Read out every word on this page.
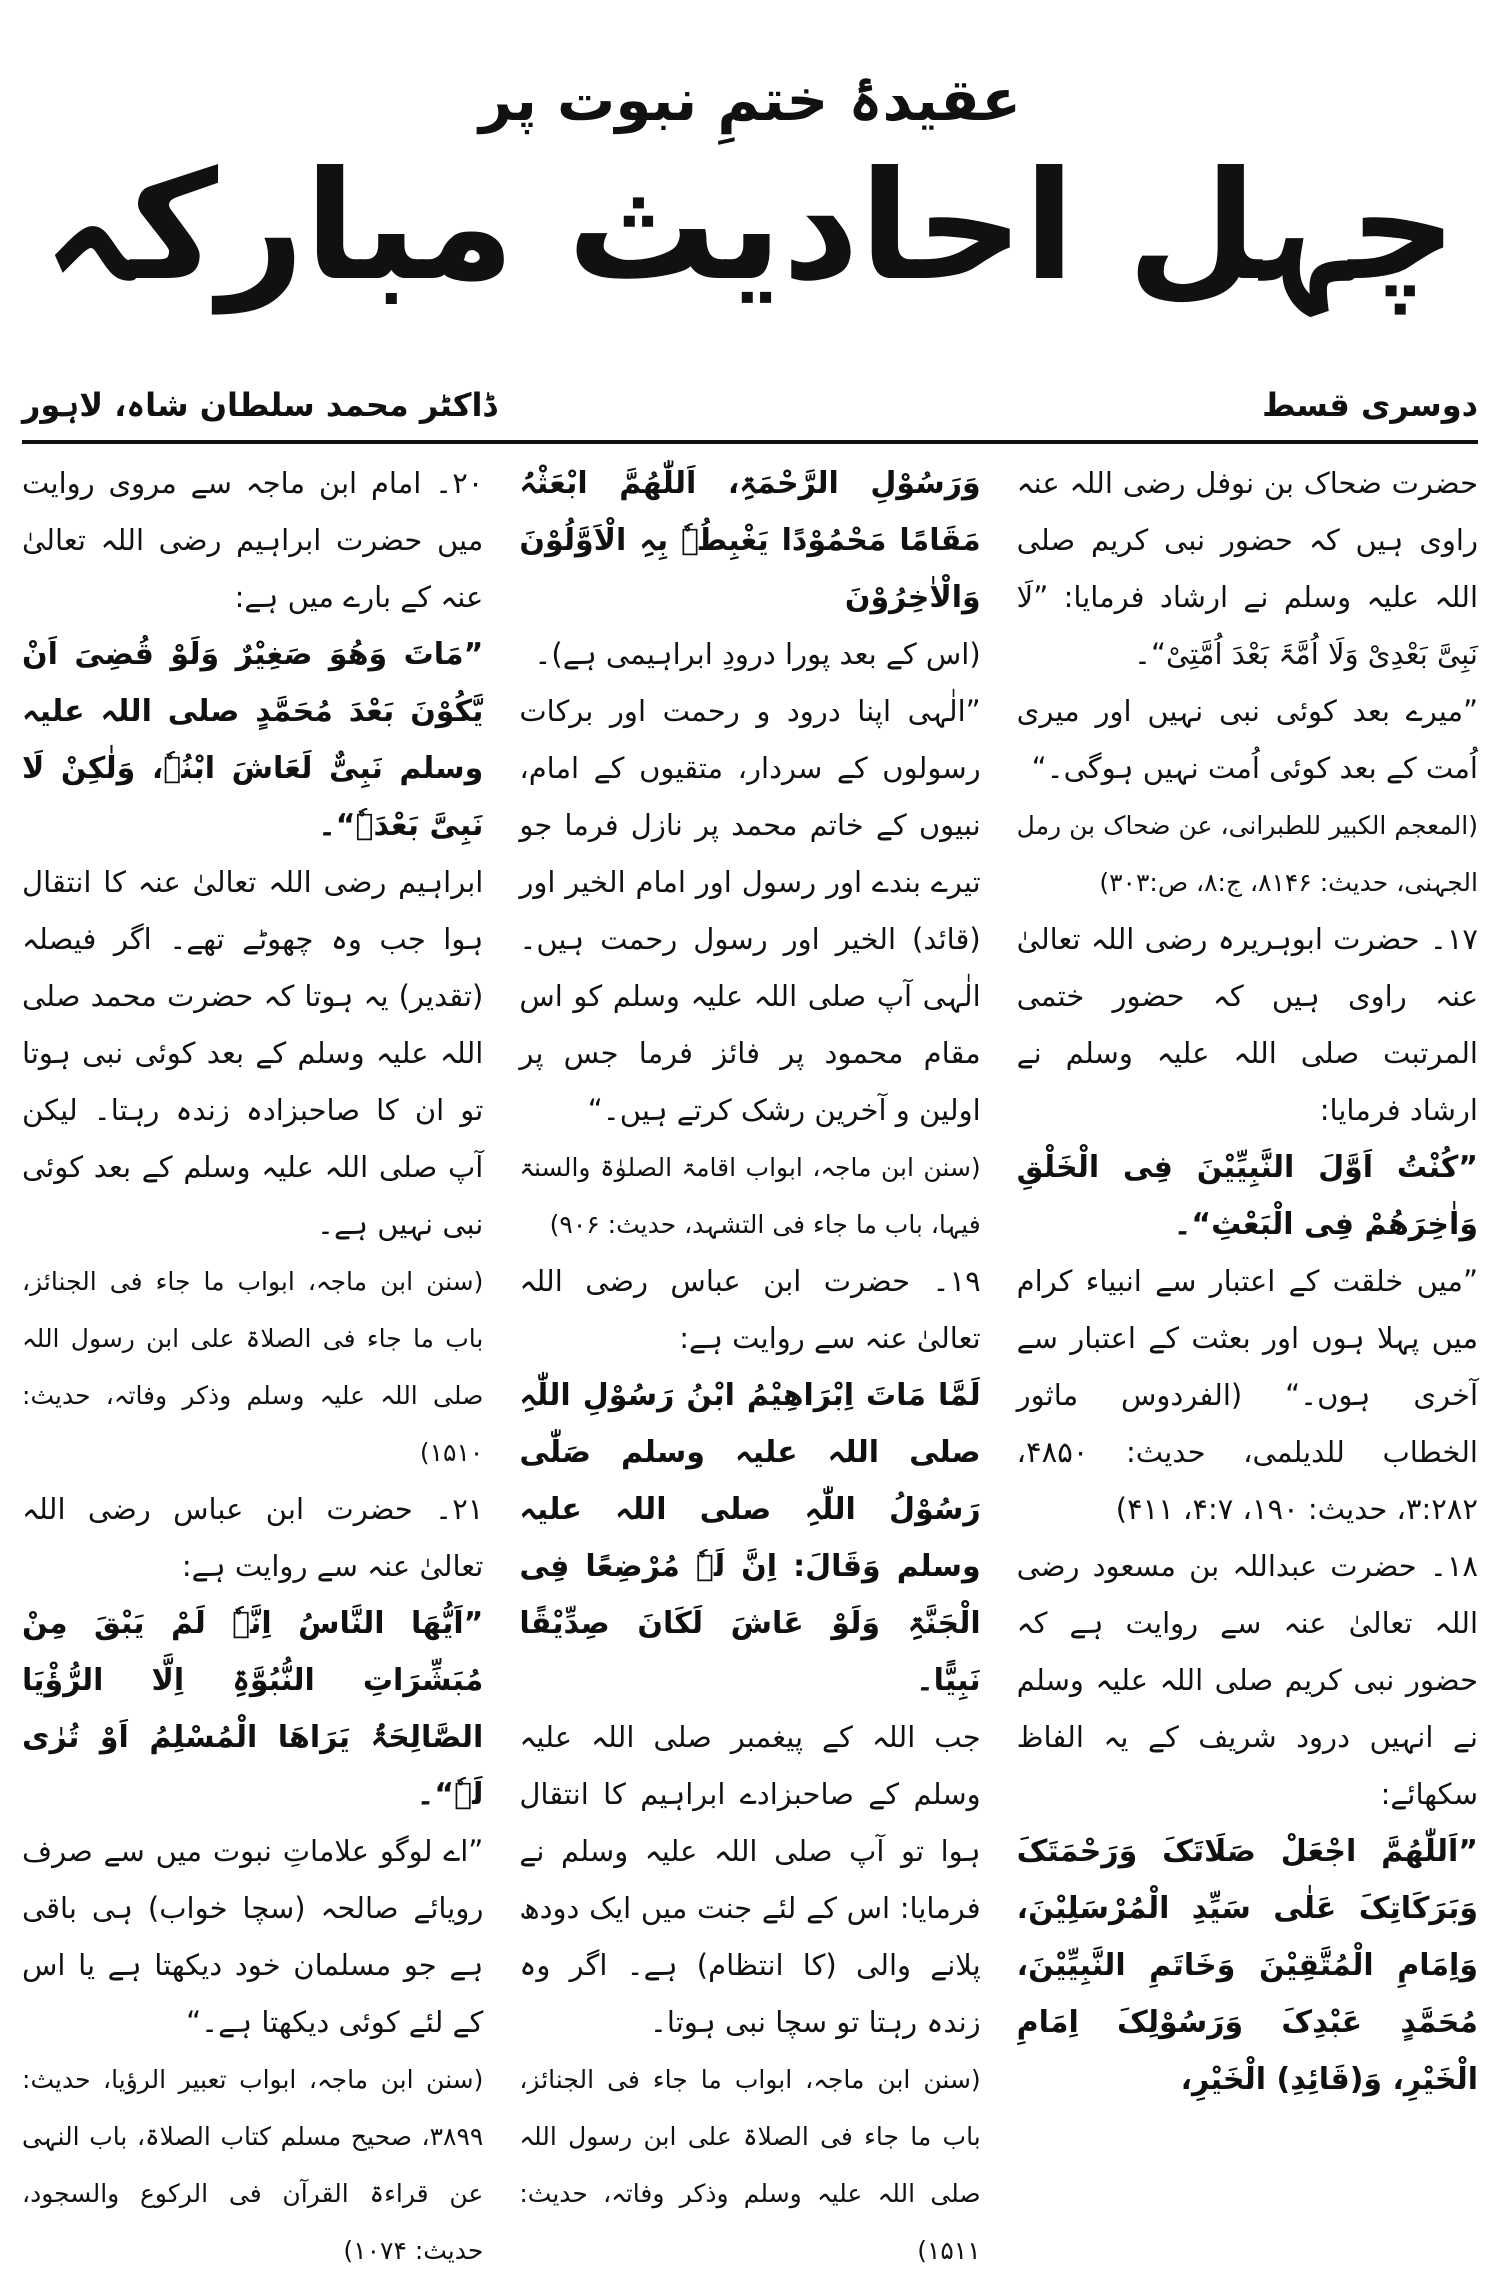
عقیدۂ ختمِ نبوت پر
چہل احادیث مبارکہ
دوسری قسط
ڈاکٹر محمد سلطان شاہ، لاہور

حضرت ضحاک بن نوفل رضی اللہ عنہ راوی ہیں کہ حضور نبی کریم صلی اللہ علیہ وسلم نے ارشاد فرمایا: ”لَا نَبِیَّ بَعْدِیْ وَلَا اُمَّۃَ بَعْدَ اُمَّتِیْ“۔

”میرے بعد کوئی نبی نہیں اور میری اُمت کے بعد کوئی اُمت نہیں ہوگی۔“

(المعجم الکبیر للطبرانی، عن ضحاک بن رمل الجہنی، حدیث: ۸۱۴۶، ج:۸، ص:۳۰۳)

۱۷۔ حضرت ابوہریرہ رضی اللہ تعالیٰ عنہ راوی ہیں کہ حضور ختمی المرتبت صلی اللہ علیہ وسلم نے ارشاد فرمایا:

”کُنْتُ اَوَّلَ النَّبِیِّیْنَ فِی الْخَلْقِ وَاٰخِرَھُمْ فِی الْبَعْثِ“۔

”میں خلقت کے اعتبار سے انبیاء کرام میں پہلا ہوں اور بعثت کے اعتبار سے آخری ہوں۔“ (الفردوس ماثور الخطاب للدیلمی، حدیث: ۴۸۵۰، ۳:۲۸۲، حدیث: ۱۹۰، ۴:۷، ۴۱۱)

۱۸۔ حضرت عبداللہ بن مسعود رضی اللہ تعالیٰ عنہ سے روایت ہے کہ حضور نبی کریم صلی اللہ علیہ وسلم نے انہیں درود شریف کے یہ الفاظ سکھائے:

”اَللّٰھُمَّ اجْعَلْ صَلَاتَکَ وَرَحْمَتَکَ وَبَرَکَاتِکَ عَلٰی سَیِّدِ الْمُرْسَلِیْنَ، وَاِمَامِ الْمُتَّقِیْنَ وَخَاتَمِ النَّبِیِّیْنَ، مُحَمَّدٍ عَبْدِکَ وَرَسُوْلِکَ اِمَامِ الْخَیْرِ، وَ(قَائِدِ) الْخَیْرِ،

وَرَسُوْلِ الرَّحْمَۃِ، اَللّٰھُمَّ ابْعَثْہُ مَقَامًا مَحْمُوْدًا یَغْبِطُہٗ بِہِ الْاَوَّلُوْنَ وَالْاٰخِرُوْنَ

(اس کے بعد پورا درودِ ابراہیمی ہے)۔

”الٰہی اپنا درود و رحمت اور برکات رسولوں کے سردار، متقیوں کے امام، نبیوں کے خاتم محمد پر نازل فرما جو تیرے بندے اور رسول اور امام الخیر اور (قائد) الخیر اور رسول رحمت ہیں۔ الٰہی آپ صلی اللہ علیہ وسلم کو اس مقام محمود پر فائز فرما جس پر اولین و آخرین رشک کرتے ہیں۔“

(سنن ابن ماجہ، ابواب اقامۃ الصلوٰۃ والسنۃ فیہا، باب ما جاء فی التشہد، حدیث: ۹۰۶)

۱۹۔ حضرت ابن عباس رضی اللہ تعالیٰ عنہ سے روایت ہے:

لَمَّا مَاتَ اِبْرَاھِیْمُ ابْنُ رَسُوْلِ اللّٰہِ صلی اللہ علیہ وسلم صَلّٰی رَسُوْلُ اللّٰہِ صلی اللہ علیہ وسلم وَقَالَ: اِنَّ لَہٗ مُرْضِعًا فِی الْجَنَّۃِ وَلَوْ عَاشَ لَکَانَ صِدِّیْقًا نَبِیًّا۔

جب اللہ کے پیغمبر صلی اللہ علیہ وسلم کے صاحبزادے ابراہیم کا انتقال ہوا تو آپ صلی اللہ علیہ وسلم نے فرمایا: اس کے لئے جنت میں ایک دودھ پلانے والی (کا انتظام) ہے۔ اگر وہ زندہ رہتا تو سچا نبی ہوتا۔

(سنن ابن ماجہ، ابواب ما جاء فی الجنائز، باب ما جاء فی الصلاۃ علی ابن رسول اللہ صلی اللہ علیہ وسلم وذکر وفاتہ، حدیث: ۱۵۱۱)

۲۰۔ امام ابن ماجہ سے مروی روایت میں حضرت ابراہیم رضی اللہ تعالیٰ عنہ کے بارے میں ہے:

”مَاتَ وَھُوَ صَغِیْرٌ وَلَوْ قُضِیَ اَنْ یَّکُوْنَ بَعْدَ مُحَمَّدٍ صلی اللہ علیہ وسلم نَبِیٌّ لَعَاشَ ابْنُہٗ، وَلٰکِنْ لَا نَبِیَّ بَعْدَہٗ“۔

ابراہیم رضی اللہ تعالیٰ عنہ کا انتقال ہوا جب وہ چھوٹے تھے۔ اگر فیصلہ (تقدیر) یہ ہوتا کہ حضرت محمد صلی اللہ علیہ وسلم کے بعد کوئی نبی ہوتا تو ان کا صاحبزادہ زندہ رہتا۔ لیکن آپ صلی اللہ علیہ وسلم کے بعد کوئی نبی نہیں ہے۔

(سنن ابن ماجہ، ابواب ما جاء فی الجنائز، باب ما جاء فی الصلاۃ علی ابن رسول اللہ صلی اللہ علیہ وسلم وذکر وفاتہ، حدیث: ۱۵۱۰)

۲۱۔ حضرت ابن عباس رضی اللہ تعالیٰ عنہ سے روایت ہے:

”اَیُّھَا النَّاسُ اِنَّہٗ لَمْ یَبْقَ مِنْ مُبَشِّرَاتِ النُّبُوَّۃِ اِلَّا الرُّؤْیَا الصَّالِحَۃُ یَرَاھَا الْمُسْلِمُ اَوْ تُرٰی لَہٗ“۔

”اے لوگو علاماتِ نبوت میں سے صرف رویائے صالحہ (سچا خواب) ہی باقی ہے جو مسلمان خود دیکھتا ہے یا اس کے لئے کوئی دیکھتا ہے۔“

(سنن ابن ماجہ، ابواب تعبیر الرؤیا، حدیث: ۳۸۹۹، صحیح مسلم کتاب الصلاۃ، باب النہی عن قراءۃ القرآن فی الرکوع والسجود، حدیث: ۱۰۷۴)
